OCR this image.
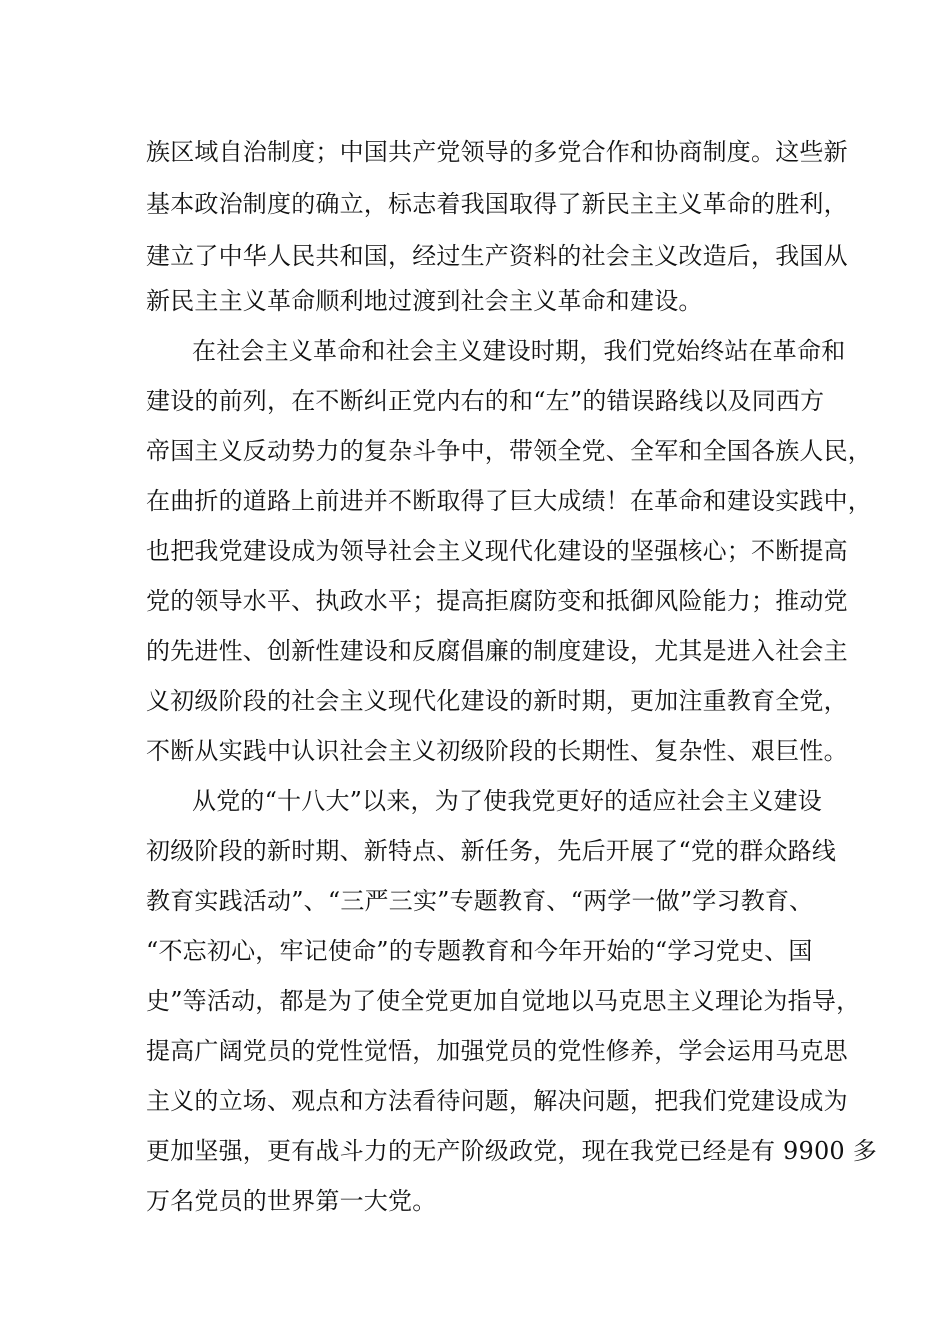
族区域自治制度；中国共产党领导的多党合作和协商制度。这些新
基本政治制度的确立，标志着我国取得了新民主主义革命的胜利，
建立了中华人民共和国，经过生产资料的社会主义改造后，我国从
新民主主义革命顺利地过渡到社会主义革命和建设。
在社会主义革命和社会主义建设时期，我们党始终站在革命和
建设的前列，在不断纠正党内右的和“左”的错误路线以及同西方
帝国主义反动势力的复杂斗争中，带领全党、全军和全国各族人民，
在曲折的道路上前进并不断取得了巨大成绩！在革命和建设实践中，
也把我党建设成为领导社会主义现代化建设的坚强核心；不断提高
党的领导水平、执政水平；提高拒腐防变和抵御风险能力；推动党
的先进性、创新性建设和反腐倡廉的制度建设，尤其是进入社会主
义初级阶段的社会主义现代化建设的新时期，更加注重教育全党，
不断从实践中认识社会主义初级阶段的长期性、复杂性、艰巨性。
从党的“十八大”以来，为了使我党更好的适应社会主义建设
初级阶段的新时期、新特点、新任务，先后开展了“党的群众路线
教育实践活动”、“三严三实”专题教育、“两学一做”学习教育、
“不忘初心，牢记使命”的专题教育和今年开始的“学习党史、国
史”等活动，都是为了使全党更加自觉地以马克思主义理论为指导，
提高广阔党员的党性觉悟，加强党员的党性修养，学会运用马克思
主义的立场、观点和方法看待问题，解决问题，把我们党建设成为
更加坚强，更有战斗力的无产阶级政党，现在我党已经是有 9900 多
万名党员的世界第一大党。
